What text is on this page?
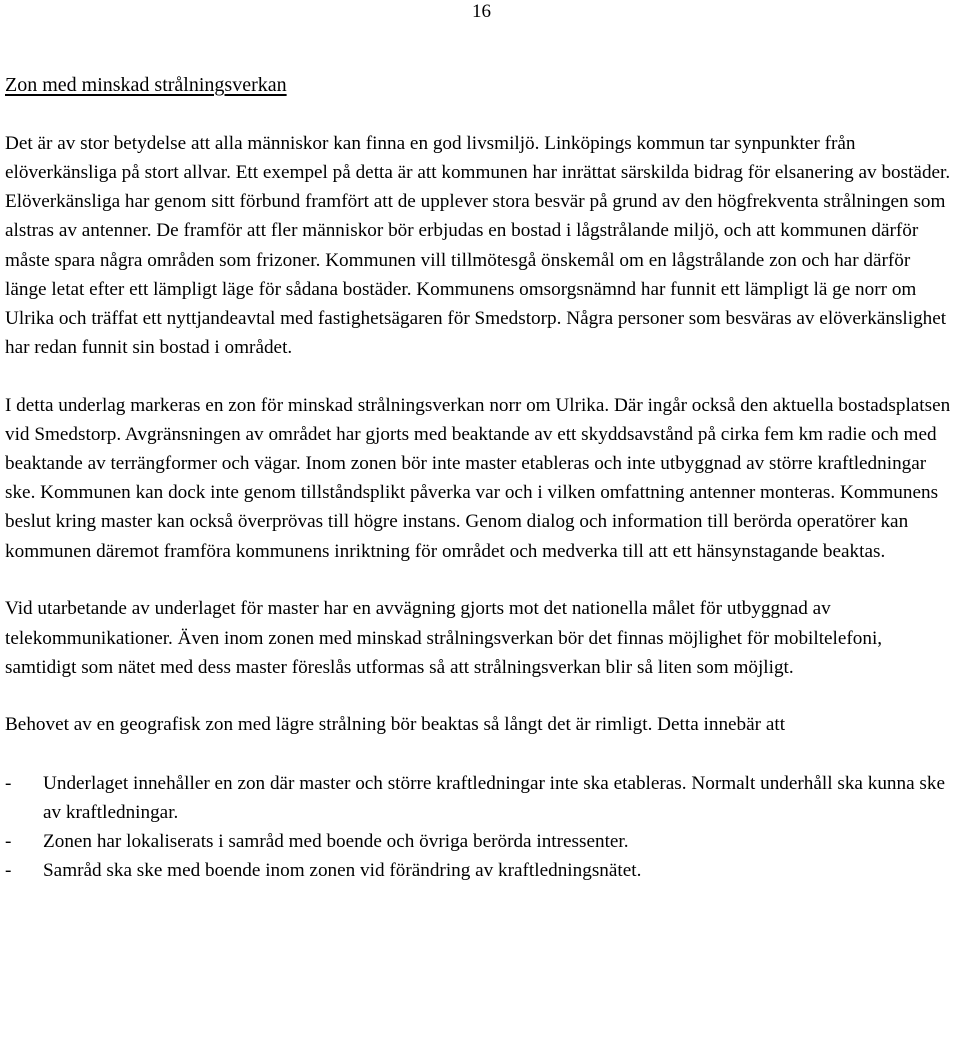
16
Zon med minskad strålningsverkan

Det är av stor betydelse att alla människor kan finna en god livsmiljö. Linköpings kommun tar synpunkter från elöverkänsliga på stort allvar. Ett exempel på detta är att kommunen har inrättat särskilda bidrag för elsanering av bostäder. Elöverkänsliga har genom sitt förbund framfört att de upplever stora besvär på grund av den högfrekventa strålningen som alstras av antenner. De framför att fler människor bör erbjudas en bostad i lågstrålande miljö, och att kommunen därför måste spara några områden som frizoner. Kommunen vill tillmötesgå önskemål om en lågstrålande zon och har därför länge letat efter ett lämpligt läge för sådana bostäder. Kommunens omsorgsnämnd har funnit ett lämpligt lä ge norr om Ulrika och träffat ett nyttjandeavtal med fastighetsägaren för Smedstorp. Några personer som besväras av elöverkänslighet har redan funnit sin bostad i området.

I detta underlag markeras en zon för minskad strålningsverkan norr om Ulrika. Där ingår också den aktuella bostadsplatsen vid Smedstorp. Avgränsningen av området har gjorts med beaktande av ett skyddsavstånd på cirka fem km radie och med beaktande av terrängformer och vägar. Inom zonen bör inte master etableras och inte utbyggnad av större kraftledningar ske. Kommunen kan dock inte genom tillståndsplikt påverka var och i vilken omfattning antenner monteras. Kommunens beslut kring master kan också överprövas till högre instans. Genom dialog och information till berörda operatörer kan kommunen däremot framföra kommunens inriktning för området och medverka till att ett hänsynstagande beaktas.

Vid utarbetande av underlaget för master har en avvägning gjorts mot det nationella målet för utbyggnad av telekommunikationer. Även inom zonen med minskad strålningsverkan bör det finnas möjlighet för mobiltelefoni, samtidigt som nätet med dess master föreslås utformas så att strålningsverkan blir så liten som möjligt.

Behovet av en geografisk zon med lägre strålning bör beaktas så långt det är rimligt. Detta innebär att

- Underlaget innehåller en zon där master och större kraftledningar inte ska etableras. Normalt underhåll ska kunna ske av kraftledningar.
- Zonen har lokaliserats i samråd med boende och övriga berörda intressenter.
- Samråd ska ske med boende inom zonen vid förändring av kraftledningsnätet.
